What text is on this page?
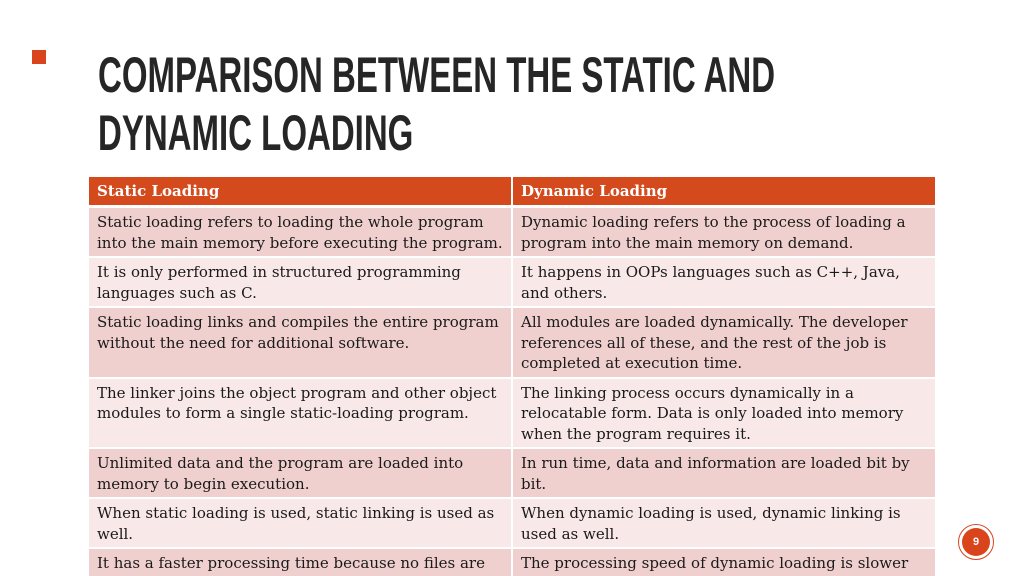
COMPARISON BETWEEN THE STATIC AND
DYNAMIC LOADING
Static Loading	Dynamic Loading
Static loading refers to loading the whole program into the main memory before executing the program.	Dynamic loading refers to the process of loading a program into the main memory on demand.
It is only performed in structured programming languages such as C.	It happens in OOPs languages such as C++, Java, and others.
Static loading links and compiles the entire program without the need for additional software.	All modules are loaded dynamically. The developer references all of these, and the rest of the job is completed at execution time.
The linker joins the object program and other object modules to form a single static-loading program.	The linking process occurs dynamically in a relocatable form. Data is only loaded into memory when the program requires it.
Unlimited data and the program are loaded into memory to begin execution.	In run time, data and information are loaded bit by bit.
When static loading is used, static linking is used as well.	When dynamic loading is used, dynamic linking is used as well.
It has a faster processing time because no files are	The processing speed of dynamic loading is slower
9
